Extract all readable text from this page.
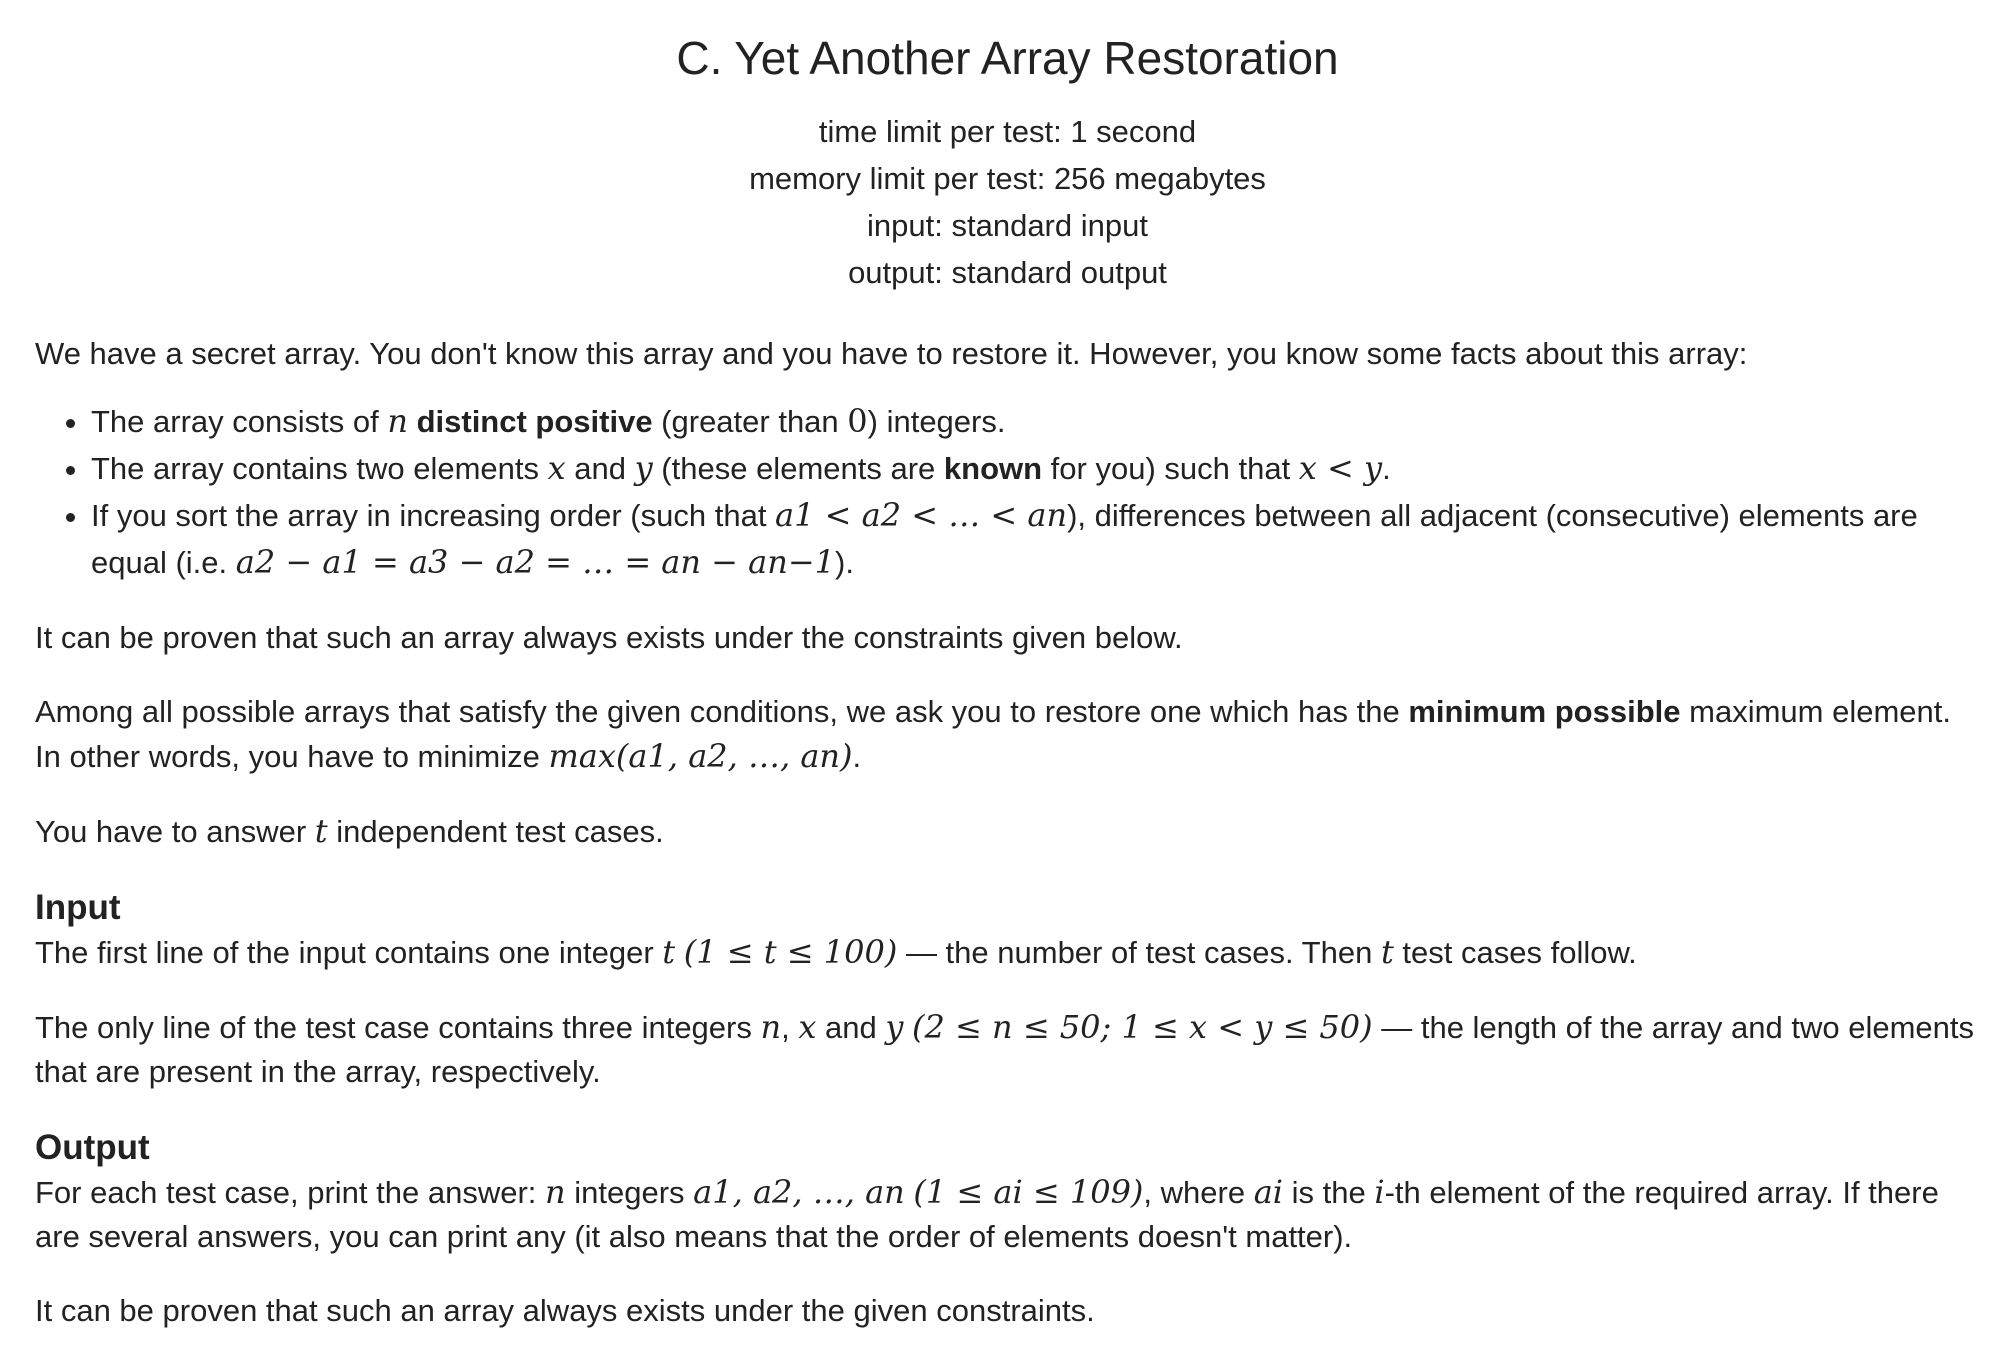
C. Yet Another Array Restoration
time limit per test: 1 second
memory limit per test: 256 megabytes
input: standard input
output: standard output

We have a secret array. You don't know this array and you have to restore it. However, you know some facts about this array:

• The array consists of n distinct positive (greater than 0) integers.
• The array contains two elements x and y (these elements are known for you) such that x < y.
• If you sort the array in increasing order (such that a1 < a2 < … < an), differences between all adjacent (consecutive) elements are equal (i.e. a2 − a1 = a3 − a2 = … = an − an−1).

It can be proven that such an array always exists under the constraints given below.

Among all possible arrays that satisfy the given conditions, we ask you to restore one which has the minimum possible maximum element. In other words, you have to minimize max(a1, a2, …, an).

You have to answer t independent test cases.

Input

The first line of the input contains one integer t (1 ≤ t ≤ 100) — the number of test cases. Then t test cases follow.

The only line of the test case contains three integers n, x and y (2 ≤ n ≤ 50; 1 ≤ x < y ≤ 50) — the length of the array and two elements that are present in the array, respectively.

Output

For each test case, print the answer: n integers a1, a2, …, an (1 ≤ ai ≤ 109), where ai is the i-th element of the required array. If there are several answers, you can print any (it also means that the order of elements doesn't matter).

It can be proven that such an array always exists under the given constraints.
